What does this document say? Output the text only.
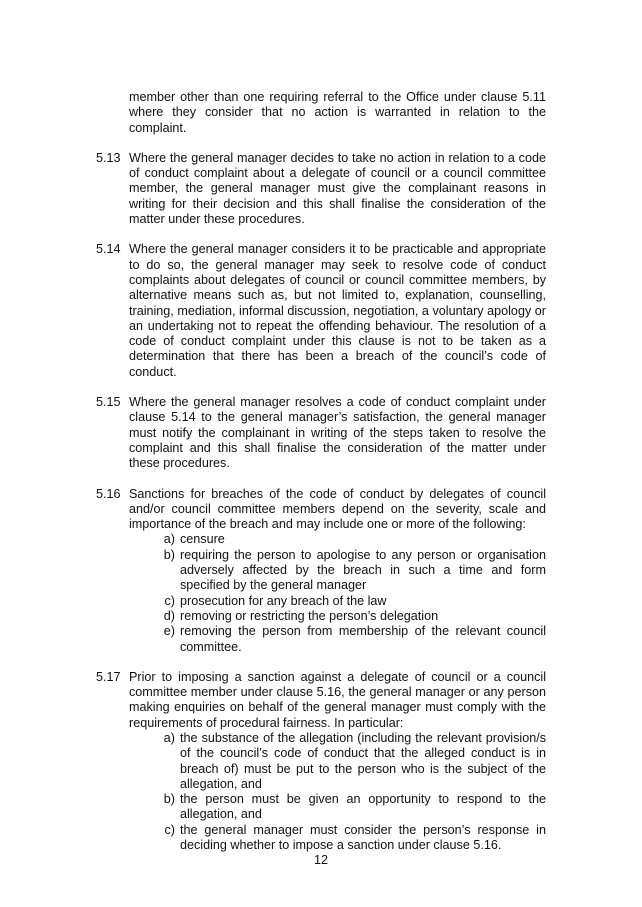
member other than one requiring referral to the Office under clause 5.11 where they consider that no action is warranted in relation to the complaint.

5.13 Where the general manager decides to take no action in relation to a code of conduct complaint about a delegate of council or a council committee member, the general manager must give the complainant reasons in writing for their decision and this shall finalise the consideration of the matter under these procedures.
5.14 Where the general manager considers it to be practicable and appropriate to do so, the general manager may seek to resolve code of conduct complaints about delegates of council or council committee members, by alternative means such as, but not limited to, explanation, counselling, training, mediation, informal discussion, negotiation, a voluntary apology or an undertaking not to repeat the offending behaviour. The resolution of a code of conduct complaint under this clause is not to be taken as a determination that there has been a breach of the council’s code of conduct.
5.15 Where the general manager resolves a code of conduct complaint under clause 5.14 to the general manager’s satisfaction, the general manager must notify the complainant in writing of the steps taken to resolve the complaint and this shall finalise the consideration of the matter under these procedures.
5.16 Sanctions for breaches of the code of conduct by delegates of council and/or council committee members depend on the severity, scale and importance of the breach and may include one or more of the following:

a) censure
b) requiring the person to apologise to any person or organisation adversely affected by the breach in such a time and form specified by the general manager
c) prosecution for any breach of the law
d) removing or restricting the person’s delegation
e) removing the person from membership of the relevant council committee.
5.17 Prior to imposing a sanction against a delegate of council or a council committee member under clause 5.16, the general manager or any person making enquiries on behalf of the general manager must comply with the requirements of procedural fairness. In particular:

a) the substance of the allegation (including the relevant provision/s of the council’s code of conduct that the alleged conduct is in breach of) must be put to the person who is the subject of the allegation, and
b) the person must be given an opportunity to respond to the allegation, and
c) the general manager must consider the person’s response in deciding whether to impose a sanction under clause 5.16.
12
